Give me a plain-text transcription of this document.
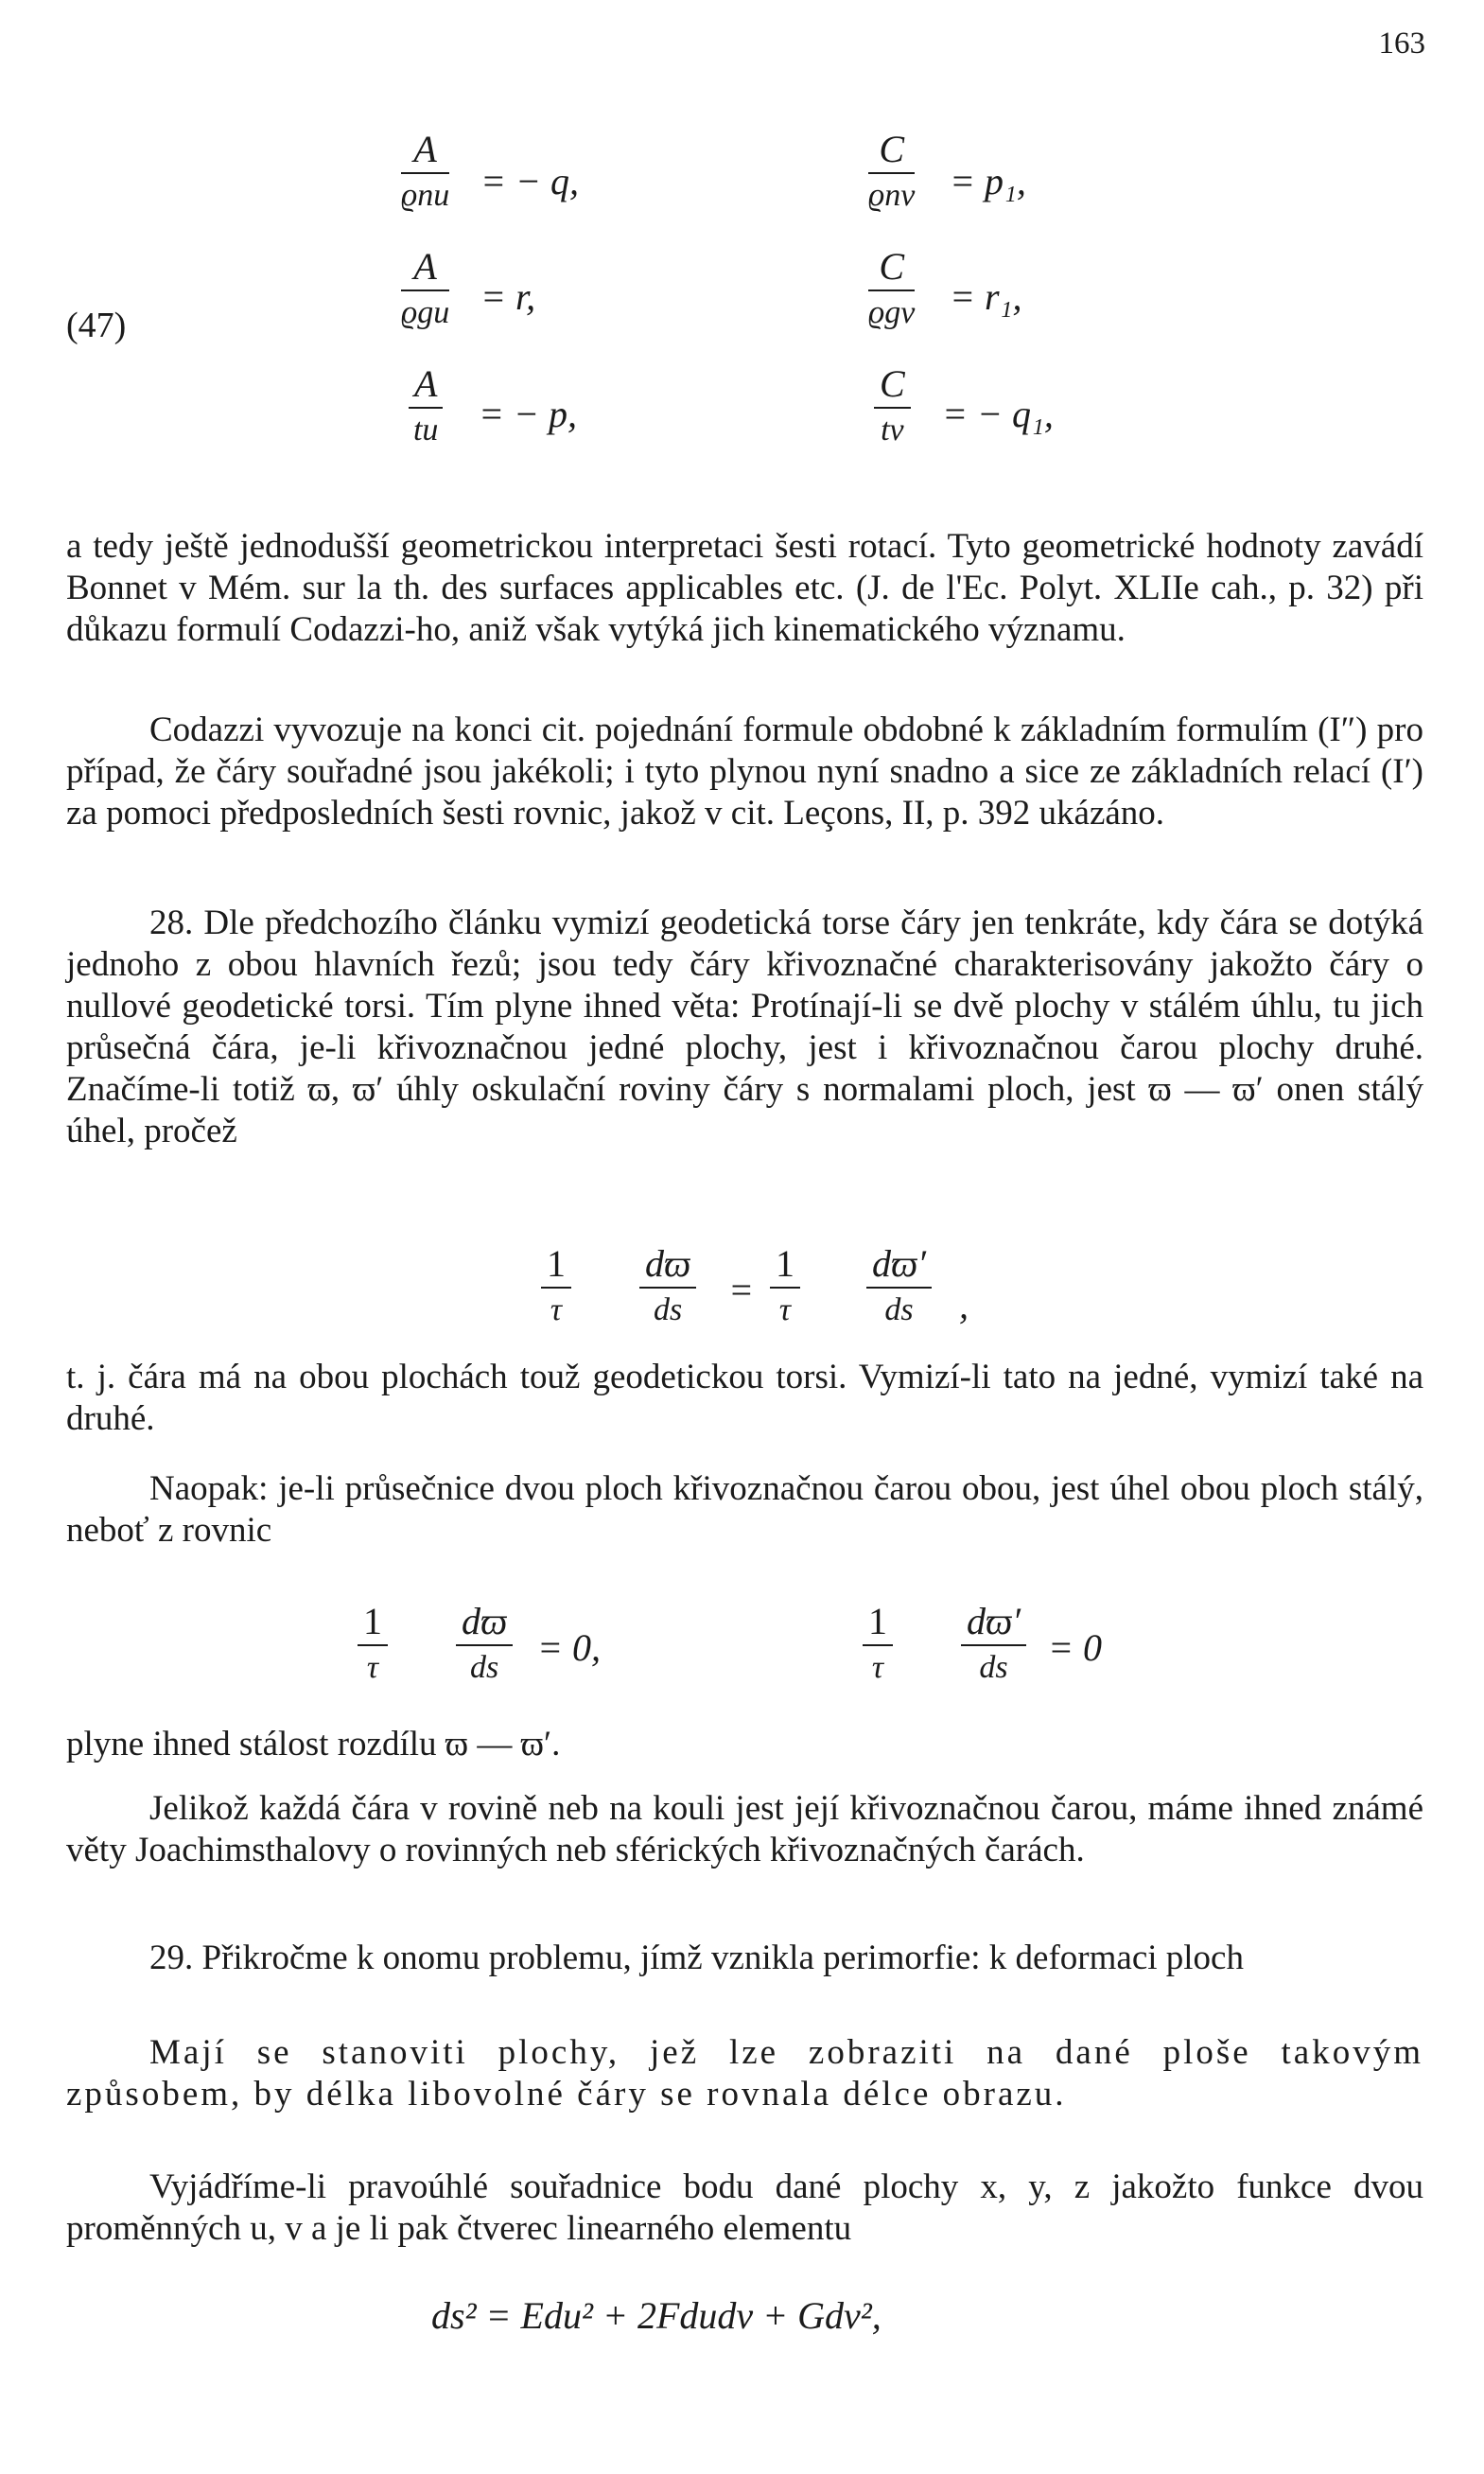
163
(47)
A
ϱnu = − q,
C
ϱnv = p₁,
A
ϱgu = r,
C
ϱgv = r₁,
A
tu = − p,
C
tv = − q₁,
a tedy ještě jednodušší geometrickou interpretaci šesti rotací. Tyto geometrické hodnoty zavádí Bonnet v Mém. sur la th. des surfaces applicables etc. (J. de l'Ec. Polyt. XLIIe cah., p. 32) při důkazu formulí Codazzi-ho, aniž však vytýká jich kinematického významu.
Codazzi vyvozuje na konci cit. pojednání formule obdobné k základním formulím (I″) pro případ, že čáry souřadné jsou jakékoli; i tyto plynou nyní snadno a sice ze základních relací (I′) za pomoci předposledních šesti rovnic, jakož v cit. Leçons, II, p. 392 ukázáno.
28. Dle předchozího článku vymizí geodetická torse čáry jen tenkráte, kdy čára se dotýká jednoho z obou hlavních řezů; jsou tedy čáry křivoznačné charakterisovány jakožto čáry o nullové geodetické torsi. Tím plyne ihned věta: Protínají-li se dvě plochy v stálém úhlu, tu jich průsečná čára, je-li křivoznačnou jedné plochy, jest i křivoznačnou čarou plochy druhé. Značíme-li totiž ϖ, ϖ′ úhly oskulační roviny čáry s normalami ploch, jest ϖ — ϖ′ onen stálý úhel, pročež
1
τ
dϖ
ds =
1
τ
dϖ′
ds ,
t. j. čára má na obou plochách touž geodetickou torsi. Vymizí-li tato na jedné, vymizí také na druhé.
Naopak: je-li průsečnice dvou ploch křivoznačnou čarou obou, jest úhel obou ploch stálý, neboť z rovnic
1
τ
dϖ
ds = 0,
1
τ
dϖ′
ds = 0
plyne ihned stálost rozdílu ϖ — ϖ′.
Jelikož každá čára v rovině neb na kouli jest její křivoznačnou čarou, máme ihned známé věty Joachimsthalovy o rovinných neb sférických křivoznačných čarách.
29. Přikročme k onomu problemu, jímž vznikla perimorfie: k deformaci ploch
Mají se stanoviti plochy, jež lze zobraziti na dané ploše takovým způsobem, by délka libovolné čáry se rovnala délce obrazu.
Vyjádříme-li pravoúhlé souřadnice bodu dané plochy x, y, z jakožto funkce dvou proměnných u, v a je li pak čtverec linearného elementu
ds² = Edu² + 2Fdudv + Gdv²,
